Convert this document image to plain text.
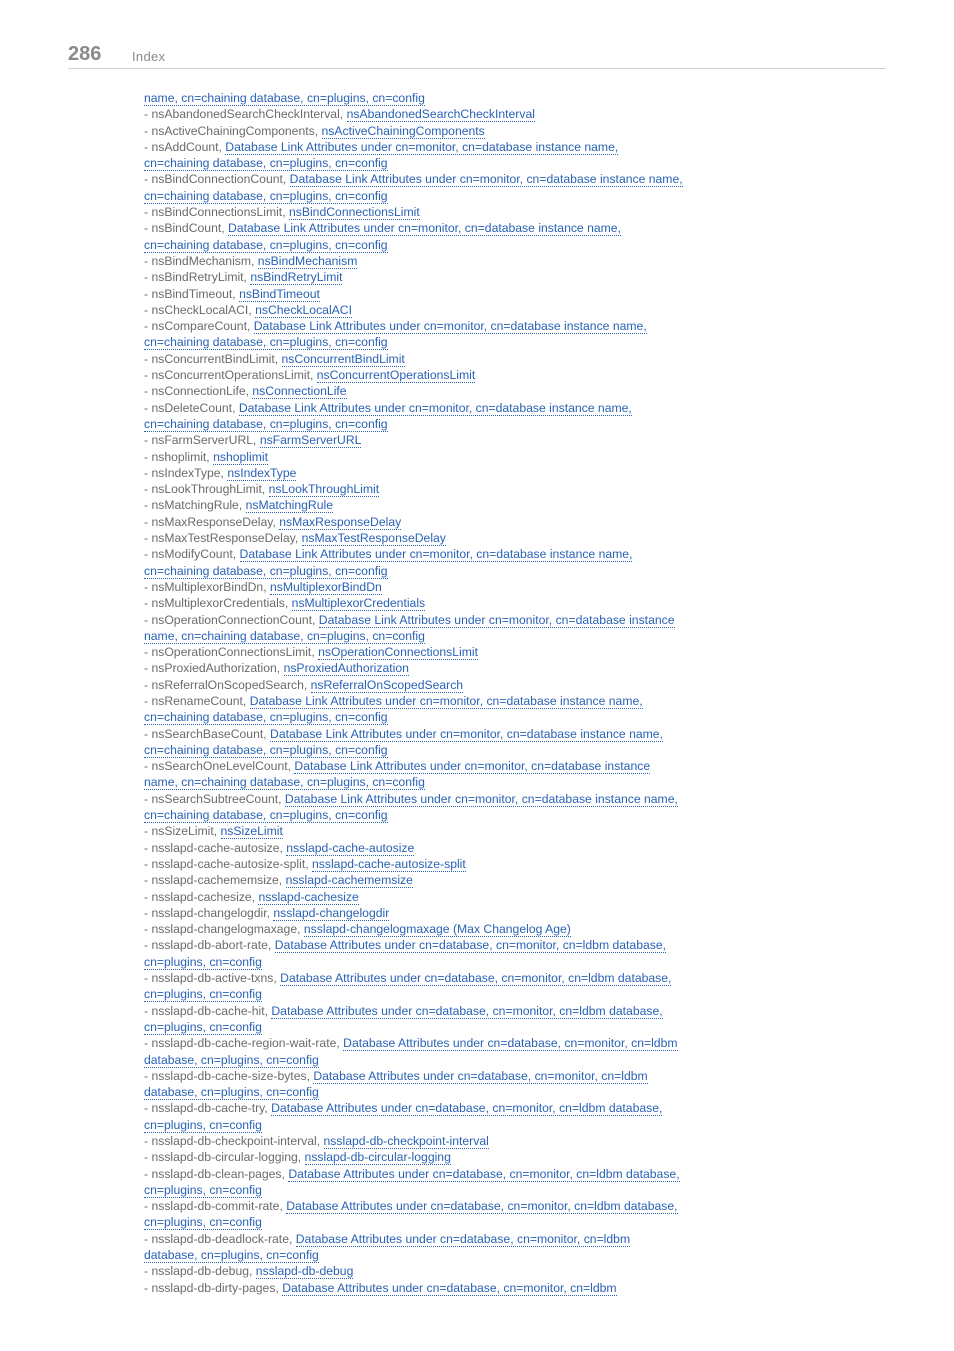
286 Index

name, cn=chaining database, cn=plugins, cn=config

- nsAbandonedSearchCheckInterval, nsAbandonedSearchCheckInterval

- nsActiveChainingComponents, nsActiveChainingComponents

- nsAddCount, Database Link Attributes under cn=monitor, cn=database instance name, cn=chaining database, cn=plugins, cn=config

- nsBindConnectionCount, Database Link Attributes under cn=monitor, cn=database instance name, cn=chaining database, cn=plugins, cn=config

- nsBindConnectionsLimit, nsBindConnectionsLimit

- nsBindCount, Database Link Attributes under cn=monitor, cn=database instance name, cn=chaining database, cn=plugins, cn=config

- nsBindMechanism, nsBindMechanism

- nsBindRetryLimit, nsBindRetryLimit

- nsBindTimeout, nsBindTimeout

- nsCheckLocalACI, nsCheckLocalACI

- nsCompareCount, Database Link Attributes under cn=monitor, cn=database instance name, cn=chaining database, cn=plugins, cn=config

- nsConcurrentBindLimit, nsConcurrentBindLimit

- nsConcurrentOperationsLimit, nsConcurrentOperationsLimit

- nsConnectionLife, nsConnectionLife

- nsDeleteCount, Database Link Attributes under cn=monitor, cn=database instance name, cn=chaining database, cn=plugins, cn=config

- nsFarmServerURL, nsFarmServerURL

- nshoplimit, nshoplimit

- nsIndexType, nsIndexType

- nsLookThroughLimit, nsLookThroughLimit

- nsMatchingRule, nsMatchingRule

- nsMaxResponseDelay, nsMaxResponseDelay

- nsMaxTestResponseDelay, nsMaxTestResponseDelay

- nsModifyCount, Database Link Attributes under cn=monitor, cn=database instance name, cn=chaining database, cn=plugins, cn=config

- nsMultiplexorBindDn, nsMultiplexorBindDn

- nsMultiplexorCredentials, nsMultiplexorCredentials

- nsOperationConnectionCount, Database Link Attributes under cn=monitor, cn=database instance name, cn=chaining database, cn=plugins, cn=config

- nsOperationConnectionsLimit, nsOperationConnectionsLimit

- nsProxiedAuthorization, nsProxiedAuthorization

- nsReferralOnScopedSearch, nsReferralOnScopedSearch

- nsRenameCount, Database Link Attributes under cn=monitor, cn=database instance name, cn=chaining database, cn=plugins, cn=config

- nsSearchBaseCount, Database Link Attributes under cn=monitor, cn=database instance name, cn=chaining database, cn=plugins, cn=config

- nsSearchOneLevelCount, Database Link Attributes under cn=monitor, cn=database instance name, cn=chaining database, cn=plugins, cn=config

- nsSearchSubtreeCount, Database Link Attributes under cn=monitor, cn=database instance name, cn=chaining database, cn=plugins, cn=config

- nsSizeLimit, nsSizeLimit

- nsslapd-cache-autosize, nsslapd-cache-autosize

- nsslapd-cache-autosize-split, nsslapd-cache-autosize-split

- nsslapd-cachememsize, nsslapd-cachememsize

- nsslapd-cachesize, nsslapd-cachesize

- nsslapd-changelogdir, nsslapd-changelogdir

- nsslapd-changelogmaxage, nsslapd-changelogmaxage (Max Changelog Age)

- nsslapd-db-abort-rate, Database Attributes under cn=database, cn=monitor, cn=ldbm database, cn=plugins, cn=config

- nsslapd-db-active-txns, Database Attributes under cn=database, cn=monitor, cn=ldbm database, cn=plugins, cn=config

- nsslapd-db-cache-hit, Database Attributes under cn=database, cn=monitor, cn=ldbm database, cn=plugins, cn=config

- nsslapd-db-cache-region-wait-rate, Database Attributes under cn=database, cn=monitor, cn=ldbm database, cn=plugins, cn=config

- nsslapd-db-cache-size-bytes, Database Attributes under cn=database, cn=monitor, cn=ldbm database, cn=plugins, cn=config

- nsslapd-db-cache-try, Database Attributes under cn=database, cn=monitor, cn=ldbm database, cn=plugins, cn=config

- nsslapd-db-checkpoint-interval, nsslapd-db-checkpoint-interval

- nsslapd-db-circular-logging, nsslapd-db-circular-logging

- nsslapd-db-clean-pages, Database Attributes under cn=database, cn=monitor, cn=ldbm database, cn=plugins, cn=config

- nsslapd-db-commit-rate, Database Attributes under cn=database, cn=monitor, cn=ldbm database, cn=plugins, cn=config

- nsslapd-db-deadlock-rate, Database Attributes under cn=database, cn=monitor, cn=ldbm database, cn=plugins, cn=config

- nsslapd-db-debug, nsslapd-db-debug

- nsslapd-db-dirty-pages, Database Attributes under cn=database, cn=monitor, cn=ldbm
